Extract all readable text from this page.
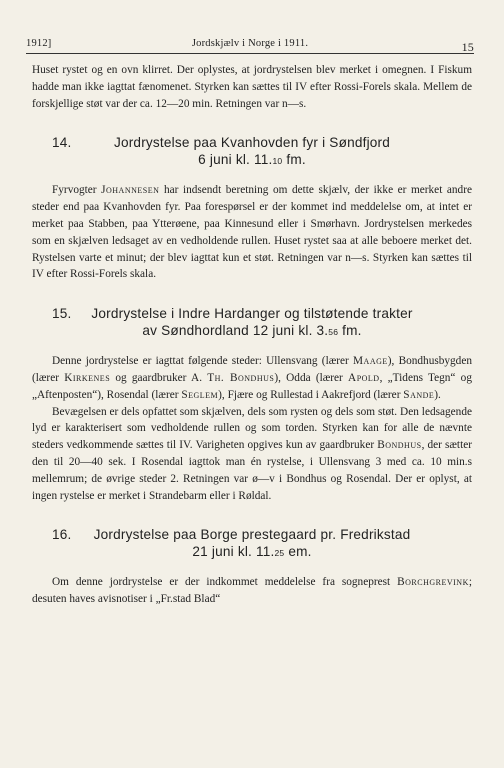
1912]	Jordskjælv i Norge i 1911.	15

Huset rystet og en ovn klirret. Der oplystes, at jordrystelsen blev merket i omegnen. I Fiskum hadde man ikke iagttat fænomenet. Styrken kan sættes til IV efter Rossi-Forels skala. Mellem de forskjellige støt var der ca. 12—20 min. Retningen var n—s.

14.	Jordrystelse paa Kvanhovden fyr i Søndfjord
6 juni kl. 11.10 fm.

Fyrvogter Johannesen har indsendt beretning om dette skjælv, der ikke er merket andre steder end paa Kvanhovden fyr. Paa forespørsel er der kommet ind meddelelse om, at intet er merket paa Stabben, paa Ytterøene, paa Kinnesund eller i Smørhavn. Jordrystelsen merkedes som en skjælven ledsaget av en vedholdende rullen. Huset rystet saa at alle beboere merket det. Rystelsen varte et minut; der blev iagttat kun et støt. Retningen var n—s. Styrken kan sættes til IV efter Rossi-Forels skala.

15.	Jordrystelse i Indre Hardanger og tilstøtende trakter
av Søndhordland 12 juni kl. 3.56 fm.

Denne jordrystelse er iagttat følgende steder: Ullensvang (lærer Maage), Bondhusbygden (lærer Kirkenes og gaardbruker A. Th. Bondhus), Odda (lærer Apold, „Tidens Tegn“ og „Aftenposten“), Rosendal (lærer Seglem), Fjære og Rullestad i Aakrefjord (lærer Sande).

Bevægelsen er dels opfattet som skjælven, dels som rysten og dels som støt. Den ledsagende lyd er karakterisert som vedholdende rullen og som torden. Styrken kan for alle de nævnte steders vedkommende sættes til IV. Varigheten opgives kun av gaardbruker Bondhus, der sætter den til 20—40 sek. I Rosendal iagttok man én rystelse, i Ullensvang 3 med ca. 10 min.s mellemrum; de øvrige steder 2. Retningen var ø—v i Bondhus og Rosendal. Der er oplyst, at ingen rystelse er merket i Strandebarm eller i Røldal.

16.	Jordrystelse paa Borge prestegaard pr. Fredrikstad
21 juni kl. 11.25 em.

Om denne jordrystelse er der indkommet meddelelse fra sogneprest Borchgrevink; desuten haves avisnotiser i „Fr.stad Blad“
